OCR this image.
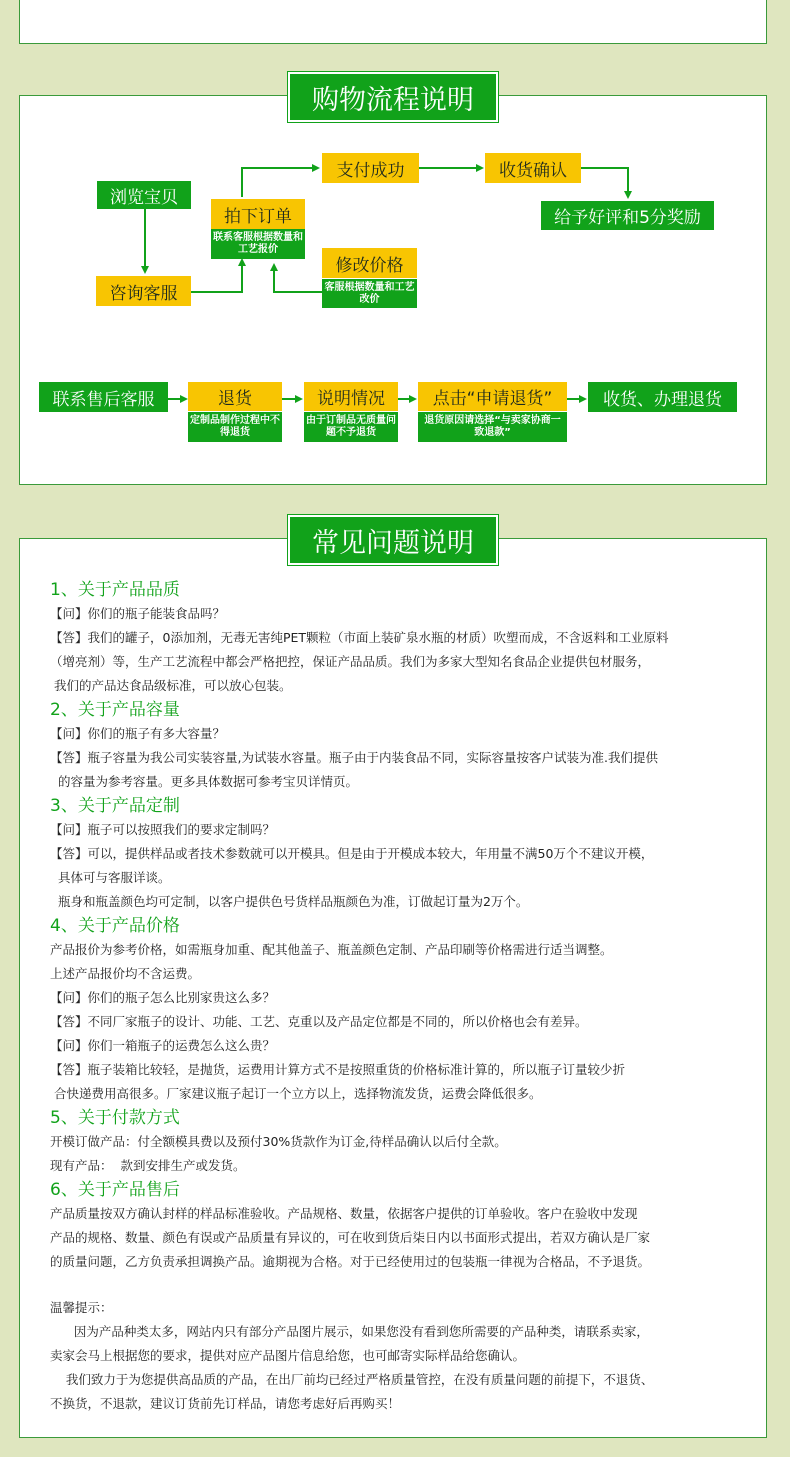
购物流程说明
浏览宝贝
咨询客服
拍下订单
联系客服根据数量和工艺报价
支付成功	收货确认
给予好评和5分奖励
修改价格
客服根据数量和工艺改价
联系售后客服	退货
定制品制作过程中不得退货
说明情况
由于订制品无质量问题不予退货
点击“申请退货”
退货原因请选择“与卖家协商一致退款”
收货、办理退货
常见问题说明

1、关于产品品质

【问】你们的瓶子能装食品吗？

【答】我们的罐子，0添加剂，无毒无害纯PET颗粒（市面上装矿泉水瓶的材质）吹塑而成，不含返料和工业原料

（增亮剂）等，生产工艺流程中都会严格把控，保证产品品质。我们为多家大型知名食品企业提供包材服务，

我们的产品达食品级标准，可以放心包装。

2、关于产品容量

【问】你们的瓶子有多大容量？

【答】瓶子容量为我公司实装容量,为试装水容量。瓶子由于内装食品不同，实际容量按客户试装为准.我们提供

的容量为参考容量。更多具体数据可参考宝贝详情页。

3、关于产品定制

【问】瓶子可以按照我们的要求定制吗？

【答】可以，提供样品或者技术参数就可以开模具。但是由于开模成本较大，年用量不满50万个不建议开模，

具体可与客服详谈。

瓶身和瓶盖颜色均可定制，以客户提供色号货样品瓶颜色为准，订做起订量为2万个。

4、关于产品价格

产品报价为参考价格，如需瓶身加重、配其他盖子、瓶盖颜色定制、产品印刷等价格需进行适当调整。

上述产品报价均不含运费。

【问】你们的瓶子怎么比别家贵这么多？

【答】不同厂家瓶子的设计、功能、工艺、克重以及产品定位都是不同的，所以价格也会有差异。

【问】你们一箱瓶子的运费怎么这么贵？

【答】瓶子装箱比较轻，是抛货，运费用计算方式不是按照重货的价格标准计算的，所以瓶子订量较少折

合快递费用高很多。厂家建议瓶子起订一个立方以上，选择物流发货，运费会降低很多。

5、关于付款方式

开模订做产品：付全额模具费以及预付30%货款作为订金,待样品确认以后付全款。

现有产品：  款到安排生产或发货。

6、关于产品售后

产品质量按双方确认封样的样品标准验收。产品规格、数量，依据客户提供的订单验收。客户在验收中发现

产品的规格、数量、颜色有误或产品质量有异议的，可在收到货后柒日内以书面形式提出，若双方确认是厂家

的质量问题，乙方负责承担调换产品。逾期视为合格。对于已经使用过的包装瓶一律视为合格品，不予退货。

温馨提示：

因为产品种类太多，网站内只有部分产品图片展示，如果您没有看到您所需要的产品种类，请联系卖家，

卖家会马上根据您的要求，提供对应产品图片信息给您，也可邮寄实际样品给您确认。

我们致力于为您提供高品质的产品，在出厂前均已经过严格质量管控，在没有质量问题的前提下，不退货、

不换货，不退款，建议订货前先订样品，请您考虑好后再购买！
